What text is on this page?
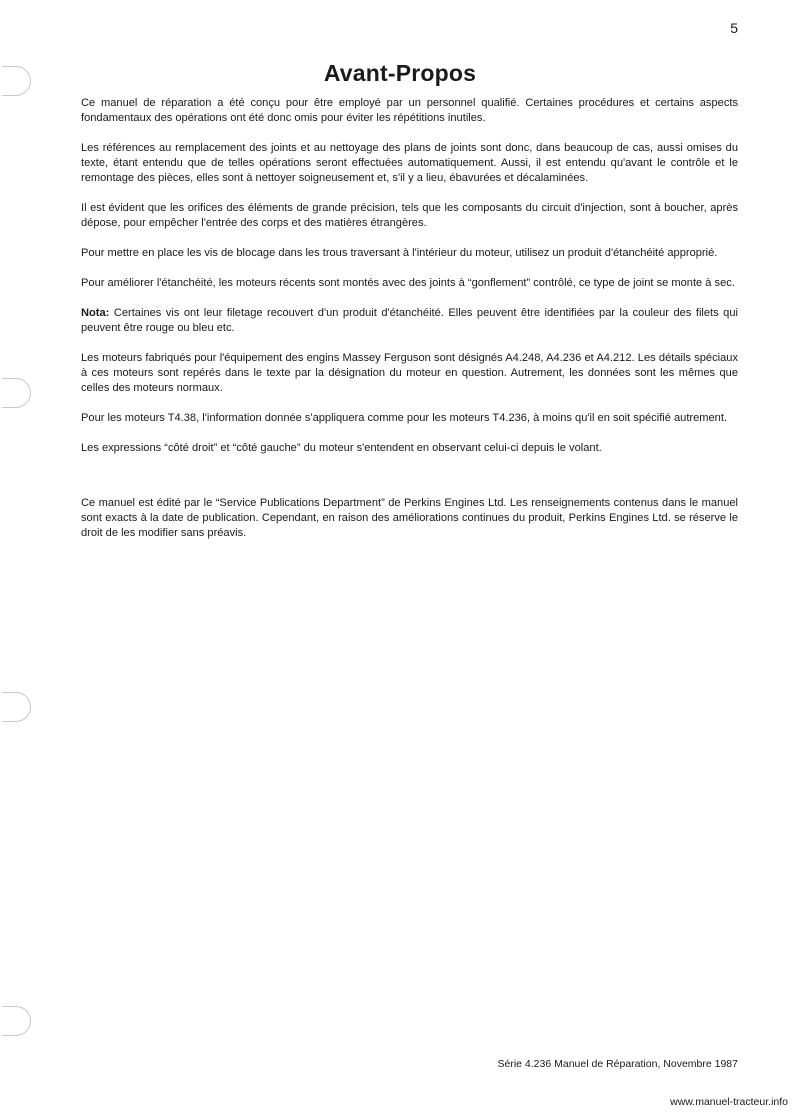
5
Avant-Propos

Ce manuel de réparation a été conçu pour être employé par un personnel qualifié. Certaines procédures et certains aspects fondamentaux des opérations ont été donc omis pour éviter les répétitions inutiles.

Les références au remplacement des joints et au nettoyage des plans de joints sont donc, dans beaucoup de cas, aussi omises du texte, étant entendu que de telles opérations seront effectuées automatiquement. Aussi, il est entendu qu'avant le contrôle et le remontage des pièces, elles sont à nettoyer soigneusement et, s'il y a lieu, ébavurées et décalaminées.

Il est évident que les orifices des éléments de grande précision, tels que les composants du circuit d'injection, sont à boucher, après dépose, pour empêcher l'entrée des corps et des matières étrangères.

Pour mettre en place les vis de blocage dans les trous traversant à l'intérieur du moteur, utilisez un produit d'étanchéité approprié.

Pour améliorer l'étanchéité, les moteurs récents sont montés avec des joints à “gonflement” contrôlé, ce type de joint se monte à sec.

Nota: Certaines vis ont leur filetage recouvert d'un produit d'étanchéité. Elles peuvent être identifiées par la couleur des filets qui peuvent être rouge ou bleu etc.

Les moteurs fabriqués pour l'équipement des engins Massey Ferguson sont désignés A4.248, A4.236 et A4.212. Les détails spéciaux à ces moteurs sont repérés dans le texte par la désignation du moteur en question. Autrement, les données sont les mêmes que celles des moteurs normaux.

Pour les moteurs T4.38, l'information donnée s'appliquera comme pour les moteurs T4.236, à moins qu'il en soit spécifié autrement.

Les expressions “côté droit” et “côté gauche” du moteur s'entendent en observant celui-ci depuis le volant.

Ce manuel est édité par le “Service Publications Department” de Perkins Engines Ltd. Les renseignements contenus dans le manuel sont exacts à la date de publication. Cependant, en raison des améliorations continues du produit, Perkins Engines Ltd. se réserve le droit de les modifier sans préavis.

Série 4.236 Manuel de Réparation, Novembre 1987
www.manuel-tracteur.info
